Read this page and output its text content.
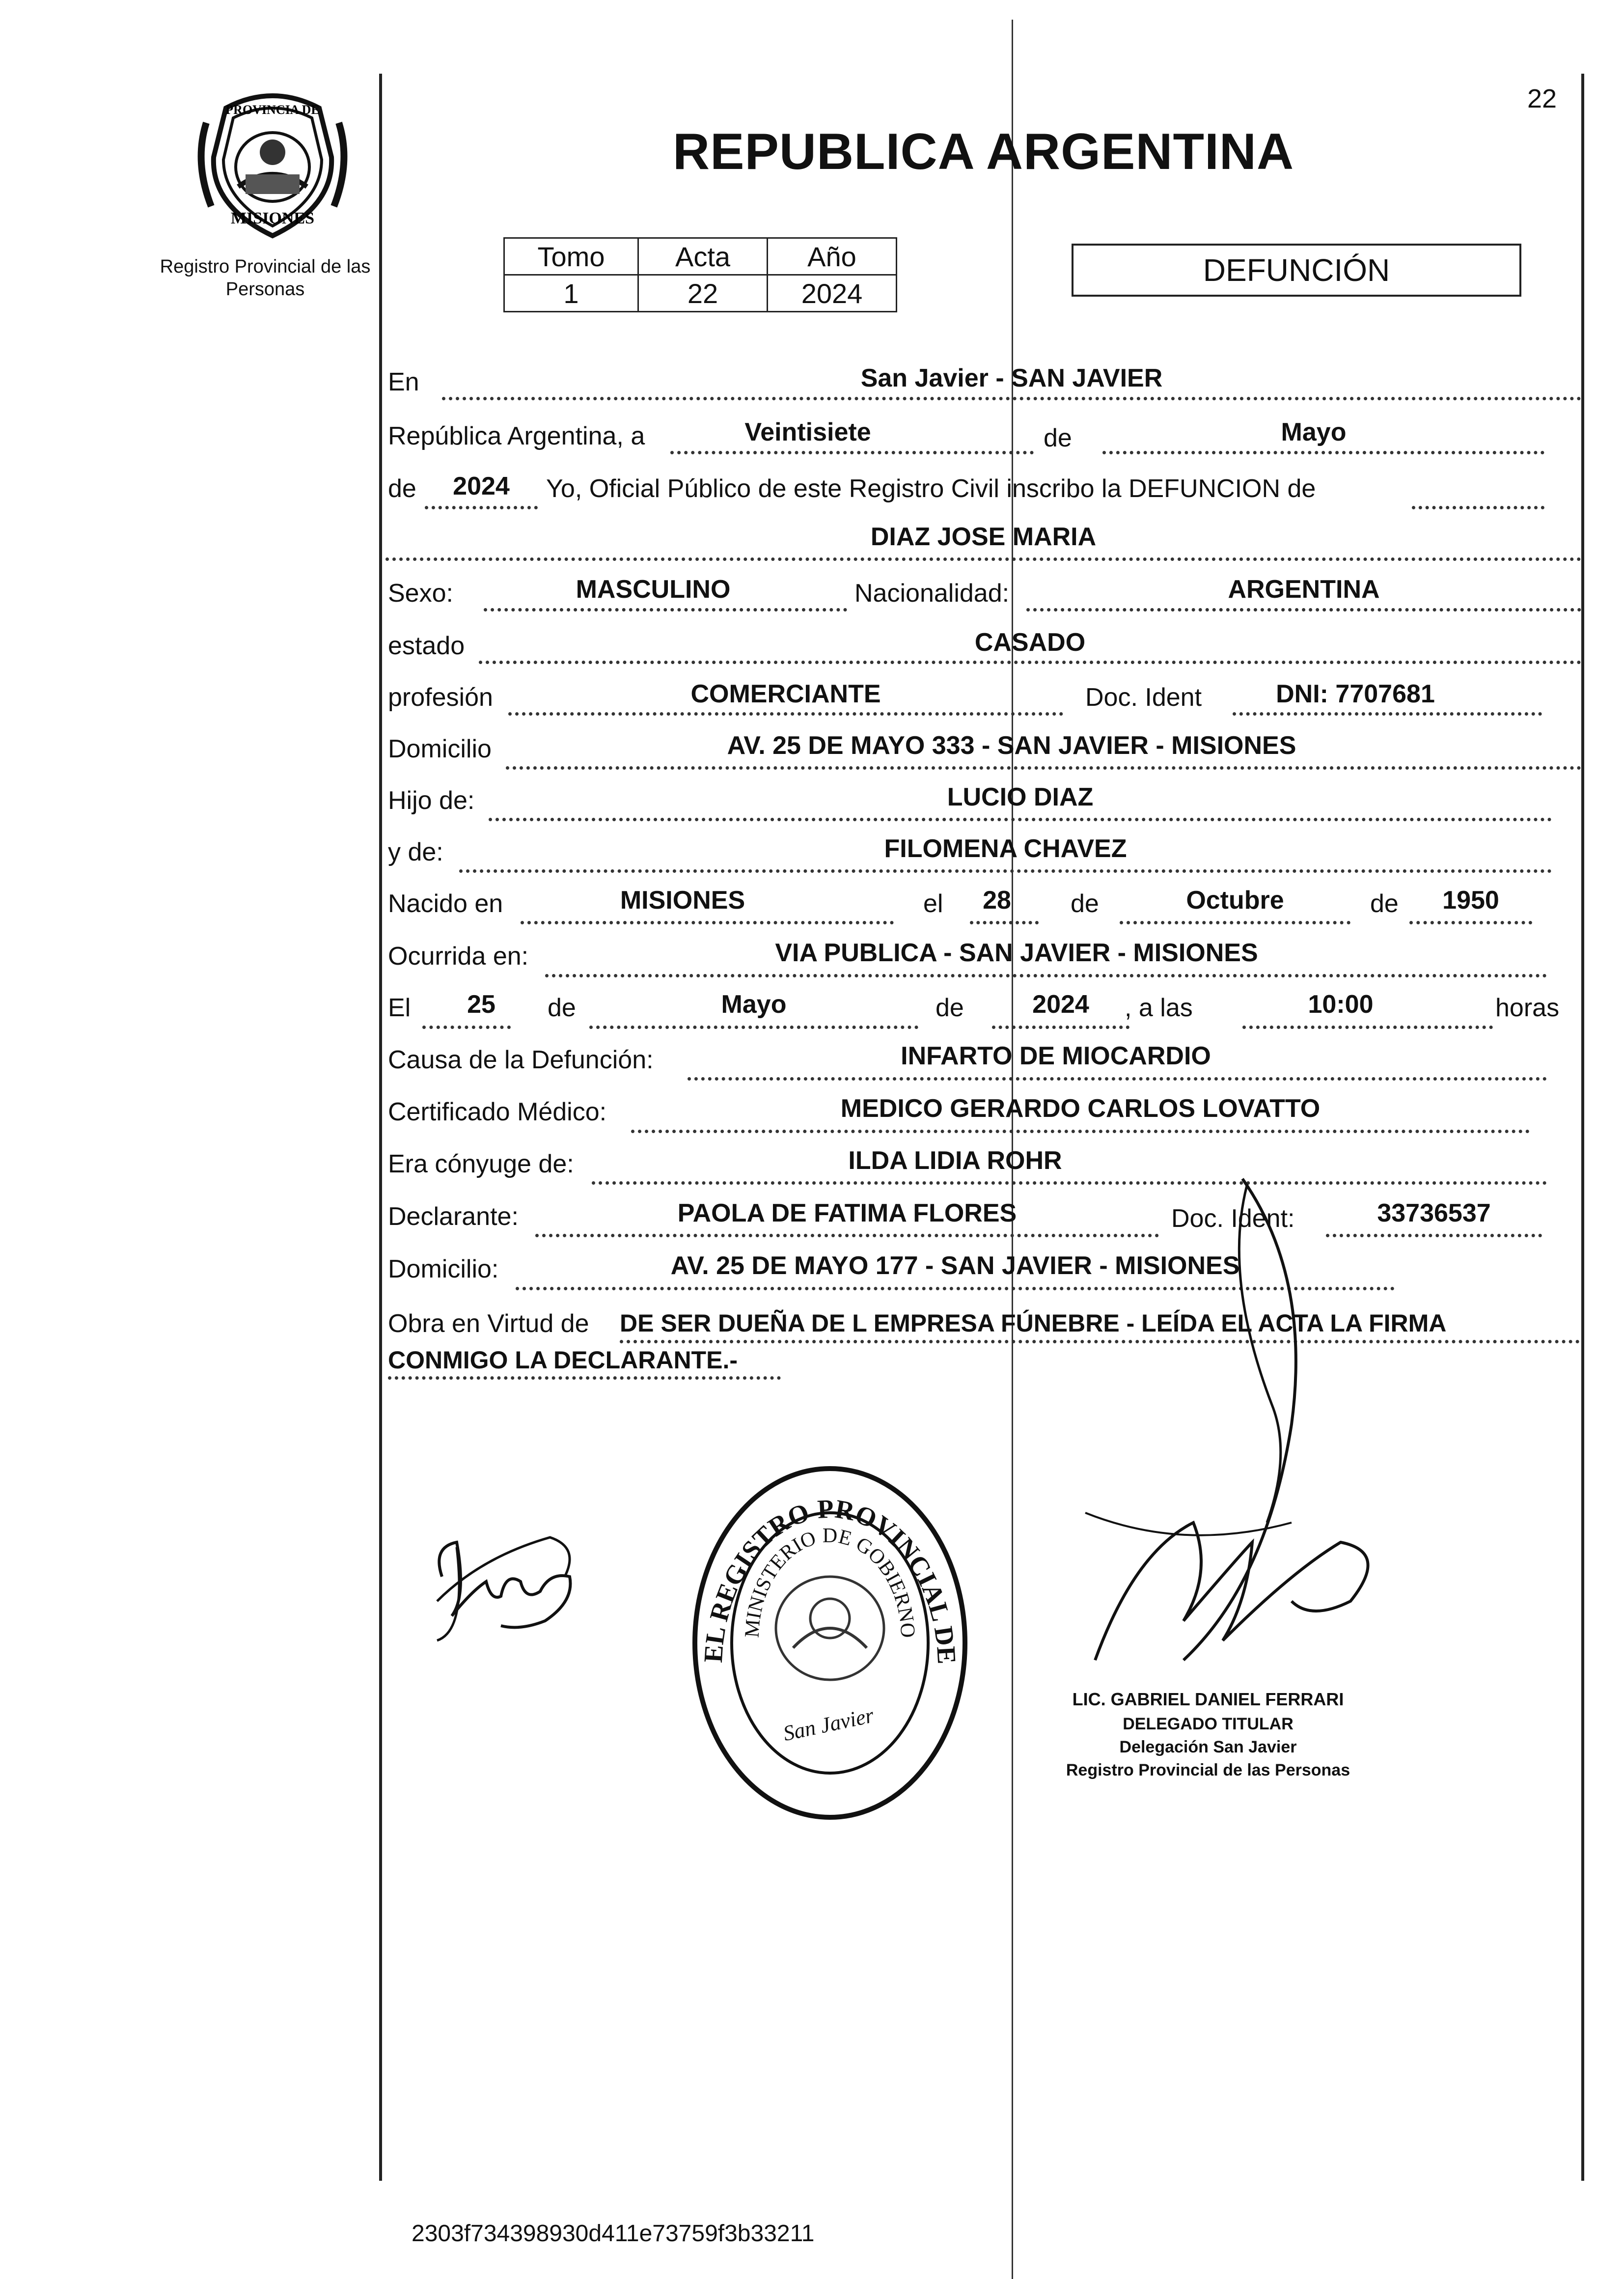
PROVINCIA DE
MISIONES
Registro Provincial de las Personas
22
REPUBLICA ARGENTINA
Tomo	Acta	Año
1	22	2024
DEFUNCIÓN
En	San Javier - SAN JAVIER
República Argentina, a	Veintisiete	de	Mayo
de	2024	Yo, Oficial Público de este Registro Civil inscribo la DEFUNCION de
DIAZ JOSE MARIA
Sexo:	MASCULINO	Nacionalidad:	ARGENTINA
estado	CASADO
profesión	COMERCIANTE	Doc. Ident	DNI: 7707681
Domicilio	AV. 25 DE MAYO 333 - SAN JAVIER - MISIONES
Hijo de:	LUCIO DIAZ
y de:	FILOMENA CHAVEZ
Nacido en	MISIONES	el	28	de	Octubre	de	1950
Ocurrida en:	VIA PUBLICA - SAN JAVIER - MISIONES
El	25	de	Mayo	de	2024	, a las	10:00	horas
Causa de la Defunción:	INFARTO DE MIOCARDIO
Certificado Médico:	MEDICO GERARDO CARLOS LOVATTO
Era cónyuge de:	ILDA LIDIA ROHR
Declarante:	PAOLA DE FATIMA FLORES	Doc. Ident:	33736537
Domicilio:	AV. 25 DE MAYO 177 - SAN JAVIER - MISIONES
Obra en Virtud de DE SER DUEÑA DE L EMPRESA FÚNEBRE - LEÍDA EL ACTA LA FIRMA
CONMIGO LA DECLARANTE.-
DIREC. GRAL. DEL REGISTRO PROVINCIAL DE LAS PERSONAS
MINISTERIO DE GOBIERNO
San Javier
LIC. GABRIEL DANIEL FERRARI
DELEGADO TITULAR
Delegación San Javier
Registro Provincial de las Personas
2303f734398930d411e73759f3b33211
